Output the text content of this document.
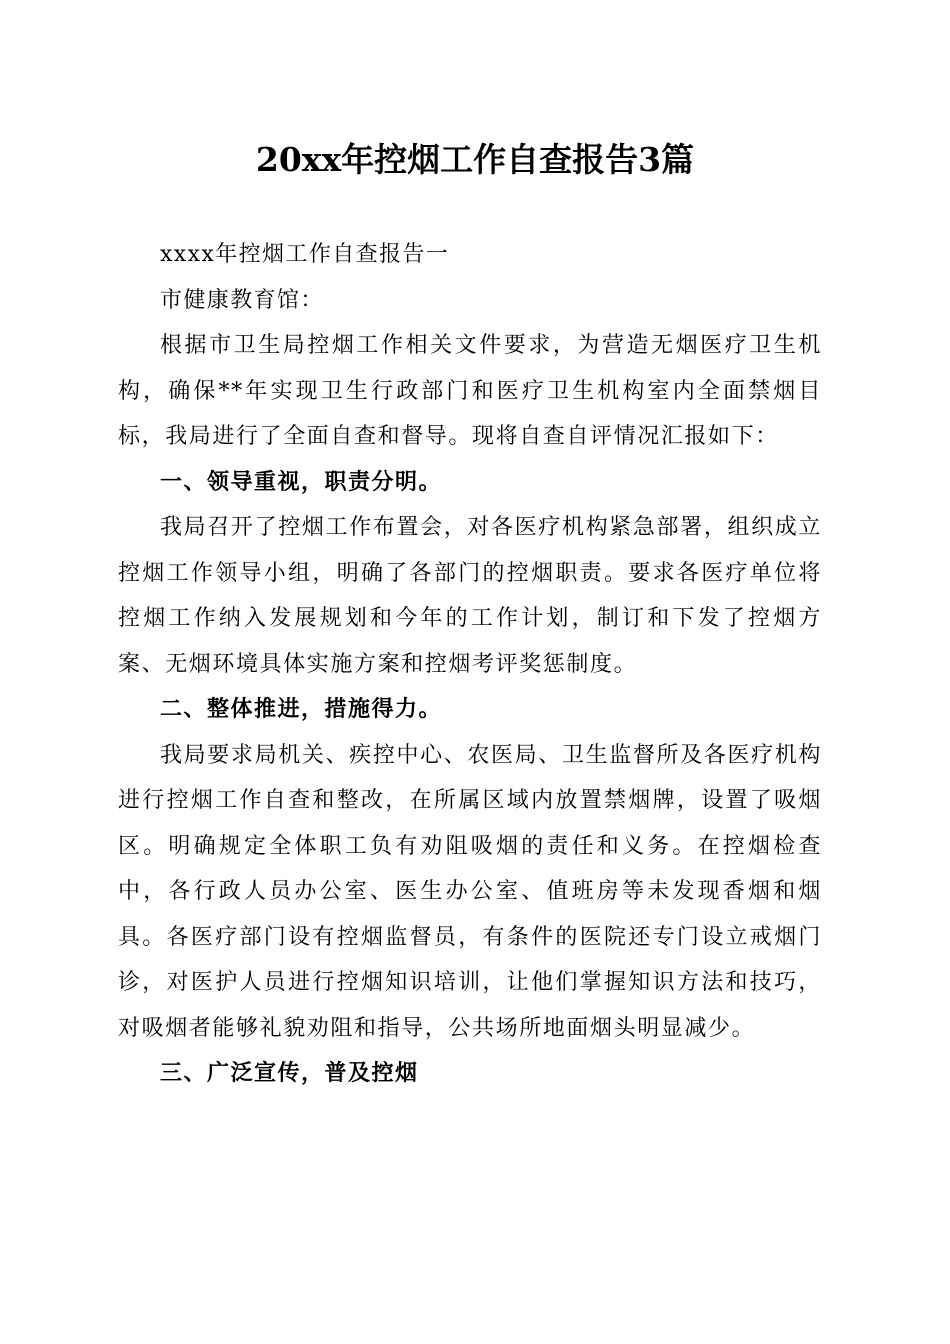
20xx年控烟工作自查报告3篇

xxxx年控烟工作自查报告一

市健康教育馆：

根据市卫生局控烟工作相关文件要求，为营造无烟医疗卫生机构，确保**年实现卫生行政部门和医疗卫生机构室内全面禁烟目标，我局进行了全面自查和督导。现将自查自评情况汇报如下：

一、领导重视，职责分明。

我局召开了控烟工作布置会，对各医疗机构紧急部署，组织成立控烟工作领导小组，明确了各部门的控烟职责。要求各医疗单位将控烟工作纳入发展规划和今年的工作计划，制订和下发了控烟方案、无烟环境具体实施方案和控烟考评奖惩制度。

二、整体推进，措施得力。

我局要求局机关、疾控中心、农医局、卫生监督所及各医疗机构进行控烟工作自查和整改，在所属区域内放置禁烟牌，设置了吸烟区。明确规定全体职工负有劝阻吸烟的责任和义务。在控烟检查中，各行政人员办公室、医生办公室、值班房等未发现香烟和烟具。各医疗部门设有控烟监督员，有条件的医院还专门设立戒烟门诊，对医护人员进行控烟知识培训，让他们掌握知识方法和技巧，对吸烟者能够礼貌劝阻和指导，公共场所地面烟头明显减少。

三、广泛宣传，普及控烟
